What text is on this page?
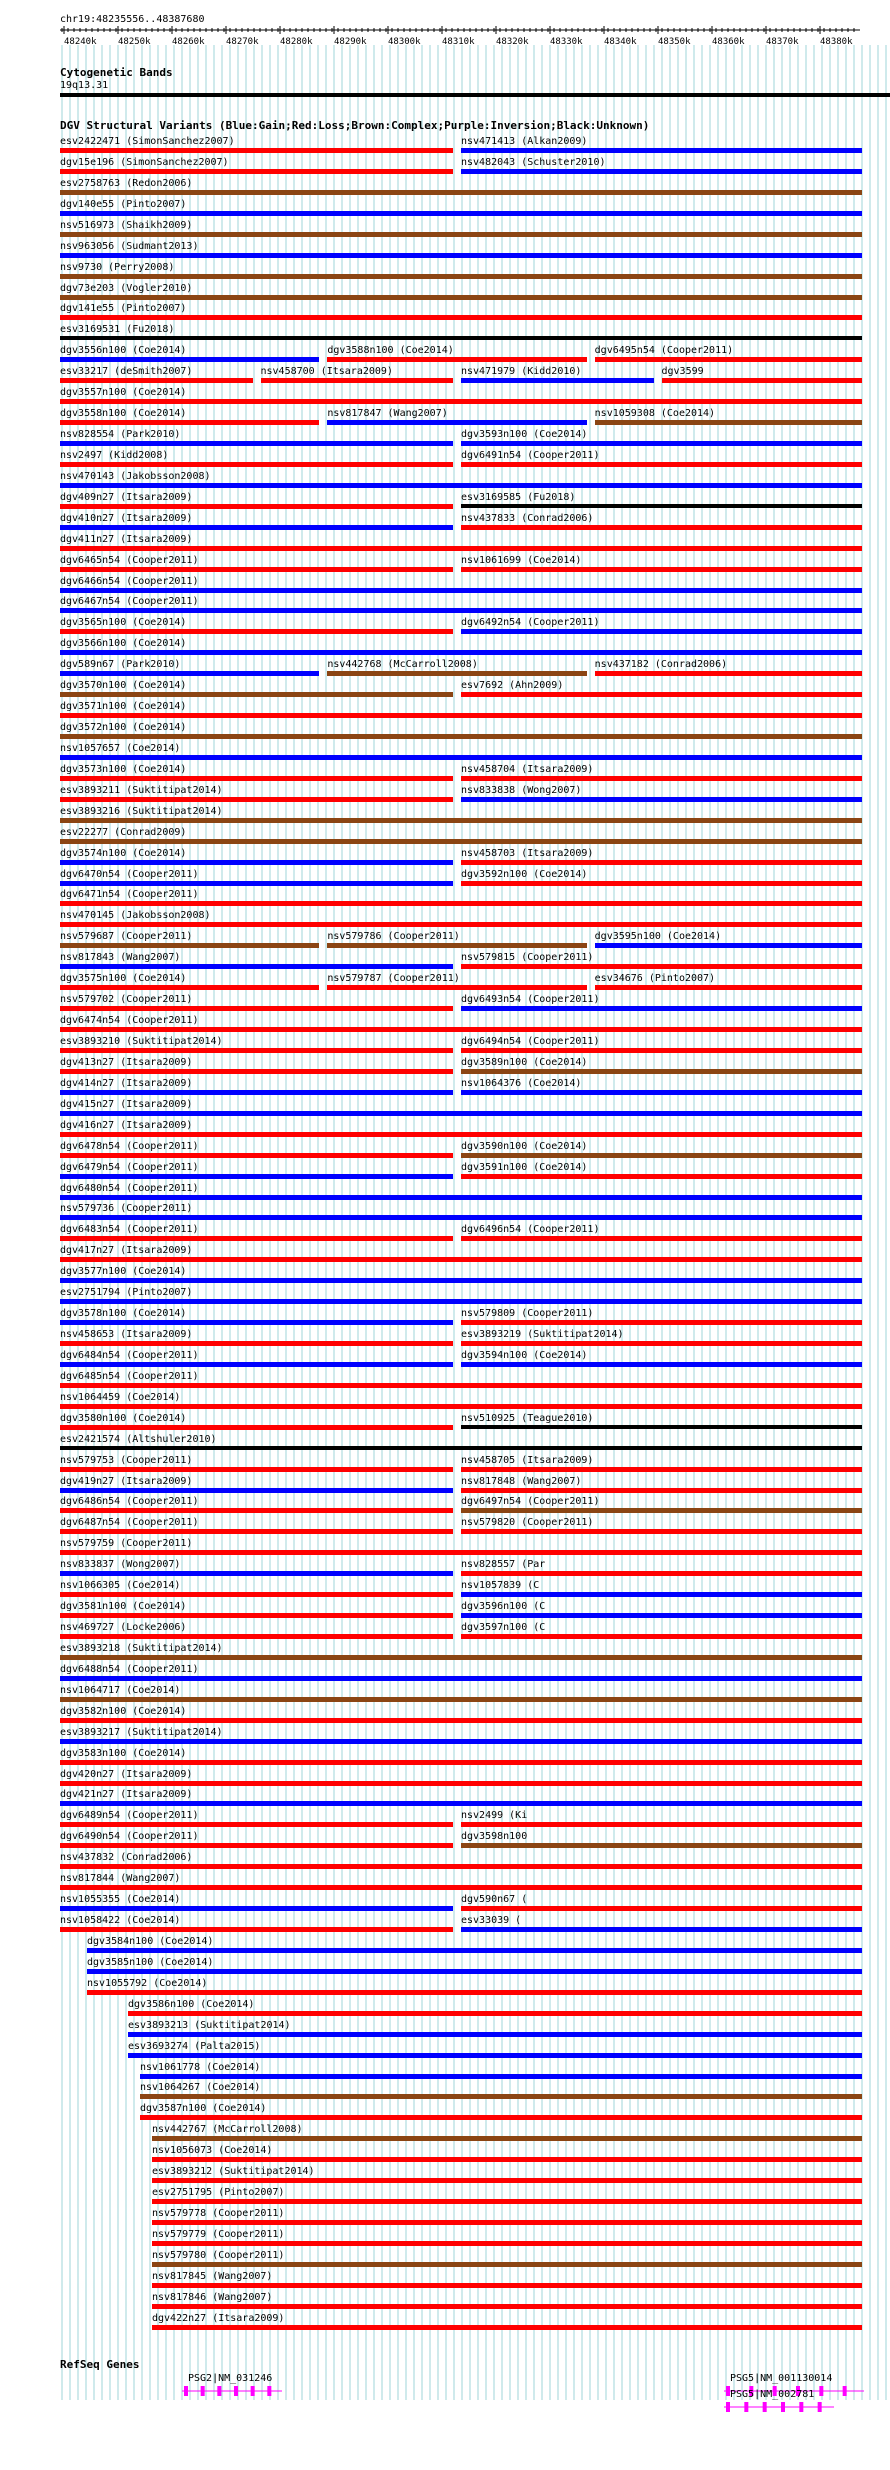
chr19:48235556..48387680
48240k 48250k 48260k 48270k 48280k 48290k 48300k 48310k 48320k 48330k 48340k 48350k 48360k 48370k 48380k
Cytogenetic Bands
19q13.31
DGV Structural Variants (Blue:Gain;Red:Loss;Brown:Complex;Purple:Inversion;Black:Unknown)
esv2422471 (SimonSanchez2007)	nsv471413 (Alkan2009)
dgv15e196 (SimonSanchez2007)	nsv482043 (Schuster2010)
esv2758763 (Redon2006)
dgv140e55 (Pinto2007)
nsv516973 (Shaikh2009)
nsv963056 (Sudmant2013)
nsv9730 (Perry2008)
dgv73e203 (Vogler2010)
dgv141e55 (Pinto2007)
esv3169531 (Fu2018)
dgv3556n100 (Coe2014)	dgv3588n100 (Coe2014)	dgv6495n54 (Cooper2011)
esv33217 (deSmith2007)	nsv458700 (Itsara2009)	nsv471979 (Kidd2010)	dgv3599
dgv3557n100 (Coe2014)
dgv3558n100 (Coe2014)	nsv817847 (Wang2007)	nsv1059308 (Coe2014)
nsv828554 (Park2010)	dgv3593n100 (Coe2014)
nsv2497 (Kidd2008)	dgv6491n54 (Cooper2011)
nsv470143 (Jakobsson2008)
dgv409n27 (Itsara2009)	esv3169585 (Fu2018)
dgv410n27 (Itsara2009)	nsv437833 (Conrad2006)
dgv411n27 (Itsara2009)
dgv6465n54 (Cooper2011)	nsv1061699 (Coe2014)
dgv6466n54 (Cooper2011)
dgv6467n54 (Cooper2011)
dgv3565n100 (Coe2014)	dgv6492n54 (Cooper2011)
dgv3566n100 (Coe2014)
dgv589n67 (Park2010)	nsv442768 (McCarroll2008)	nsv437182 (Conrad2006)
dgv3570n100 (Coe2014)	esv7692 (Ahn2009)
dgv3571n100 (Coe2014)
dgv3572n100 (Coe2014)
nsv1057657 (Coe2014)
dgv3573n100 (Coe2014)	nsv458704 (Itsara2009)
esv3893211 (Suktitipat2014)	nsv833838 (Wong2007)
esv3893216 (Suktitipat2014)
esv22277 (Conrad2009)
dgv3574n100 (Coe2014)	nsv458703 (Itsara2009)
dgv6470n54 (Cooper2011)	dgv3592n100 (Coe2014)
dgv6471n54 (Cooper2011)
nsv470145 (Jakobsson2008)
nsv579687 (Cooper2011)	nsv579786 (Cooper2011)	dgv3595n100 (Coe2014)
nsv817843 (Wang2007)	nsv579815 (Cooper2011)
dgv3575n100 (Coe2014)	nsv579787 (Cooper2011)	esv34676 (Pinto2007)
nsv579702 (Cooper2011)	dgv6493n54 (Cooper2011)
dgv6474n54 (Cooper2011)
esv3893210 (Suktitipat2014)	dgv6494n54 (Cooper2011)
dgv413n27 (Itsara2009)	dgv3589n100 (Coe2014)
dgv414n27 (Itsara2009)	nsv1064376 (Coe2014)
dgv415n27 (Itsara2009)
dgv416n27 (Itsara2009)
dgv6478n54 (Cooper2011)	dgv3590n100 (Coe2014)
dgv6479n54 (Cooper2011)	dgv3591n100 (Coe2014)
dgv6480n54 (Cooper2011)
nsv579736 (Cooper2011)
dgv6483n54 (Cooper2011)	dgv6496n54 (Cooper2011)
dgv417n27 (Itsara2009)
dgv3577n100 (Coe2014)
esv2751794 (Pinto2007)
dgv3578n100 (Coe2014)	nsv579809 (Cooper2011)
nsv458653 (Itsara2009)	esv3893219 (Suktitipat2014)
dgv6484n54 (Cooper2011)	dgv3594n100 (Coe2014)
dgv6485n54 (Cooper2011)
nsv1064459 (Coe2014)
dgv3580n100 (Coe2014)	nsv510925 (Teague2010)
esv2421574 (Altshuler2010)
nsv579753 (Cooper2011)	nsv458705 (Itsara2009)
dgv419n27 (Itsara2009)	nsv817848 (Wang2007)
dgv6486n54 (Cooper2011)	dgv6497n54 (Cooper2011)
dgv6487n54 (Cooper2011)	nsv579820 (Cooper2011)
nsv579759 (Cooper2011)
nsv833837 (Wong2007)	nsv828557 (Par
nsv1066305 (Coe2014)	nsv1057839 (C
dgv3581n100 (Coe2014)	dgv3596n100 (C
nsv469727 (Locke2006)	dgv3597n100 (C
esv3893218 (Suktitipat2014)
dgv6488n54 (Cooper2011)
nsv1064717 (Coe2014)
dgv3582n100 (Coe2014)
esv3893217 (Suktitipat2014)
dgv3583n100 (Coe2014)
dgv420n27 (Itsara2009)
dgv421n27 (Itsara2009)
dgv6489n54 (Cooper2011)	nsv2499 (Ki
dgv6490n54 (Cooper2011)	dgv3598n100
nsv437832 (Conrad2006)
nsv817844 (Wang2007)
nsv1055355 (Coe2014)	dgv590n67 (
nsv1058422 (Coe2014)	esv33039 (
dgv3584n100 (Coe2014)
dgv3585n100 (Coe2014)
nsv1055792 (Coe2014)
dgv3586n100 (Coe2014)
esv3893213 (Suktitipat2014)
esv3693274 (Palta2015)
nsv1061778 (Coe2014)
nsv1064267 (Coe2014)
dgv3587n100 (Coe2014)
nsv442767 (McCarroll2008)
nsv1056073 (Coe2014)
esv3893212 (Suktitipat2014)
esv2751795 (Pinto2007)
nsv579778 (Cooper2011)
nsv579779 (Cooper2011)
nsv579780 (Cooper2011)
nsv817845 (Wang2007)
nsv817846 (Wang2007)
dgv422n27 (Itsara2009)
RefSeq Genes
PSG2|NM_031246	PSG5|NM_001130014
PSG5|NM_002781
